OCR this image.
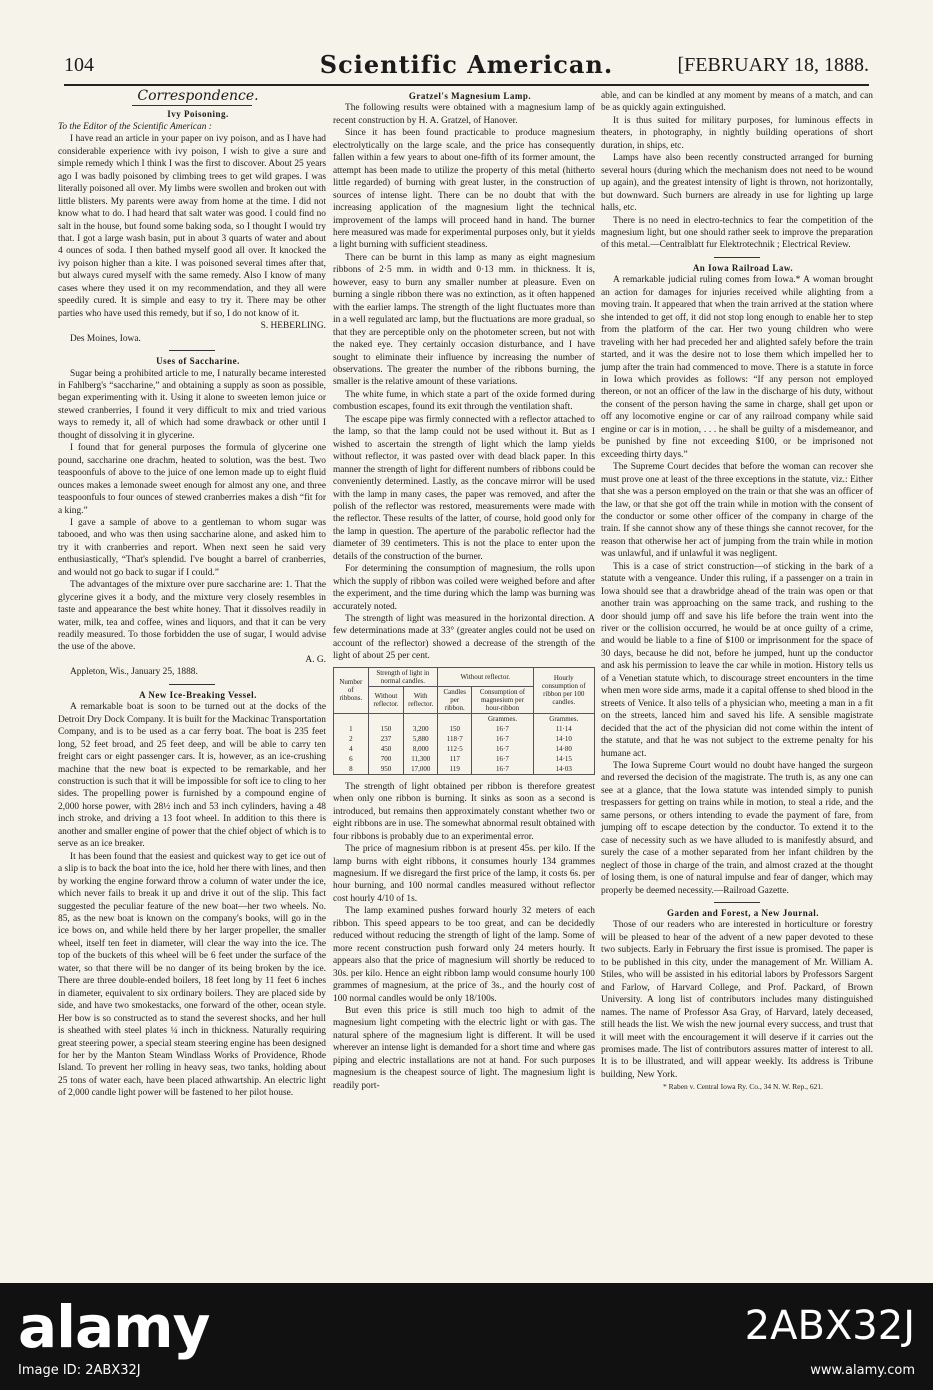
104	Scientific American.	[FEBRUARY 18, 1888.

Correspondence.

Ivy Poisoning.

To the Editor of the Scientific American :

I have read an article in your paper on ivy poison, and as I have had considerable experience with ivy poison, I wish to give a sure and simple remedy which I think I was the first to discover. About 25 years ago I was badly poisoned by climbing trees to get wild grapes. I was literally poisoned all over. My limbs were swollen and broken out with little blisters. My parents were away from home at the time. I did not know what to do. I had heard that salt water was good. I could find no salt in the house, but found some baking soda, so I thought I would try that. I got a large wash basin, put in about 3 quarts of water and about 4 ounces of soda. I then bathed myself good all over. It knocked the ivy poison higher than a kite. I was poisoned several times after that, but always cured myself with the same remedy. Also I know of many cases where they used it on my recommendation, and they all were speedily cured. It is simple and easy to try it. There may be other parties who have used this remedy, but if so, I do not know of it.

S. HEBERLING.

Des Moines, Iowa.

Uses of Saccharine.

Sugar being a prohibited article to me, I naturally became interested in Fahlberg's “saccharine,” and obtaining a supply as soon as possible, began experimenting with it. Using it alone to sweeten lemon juice or stewed cranberries, I found it very difficult to mix and tried various ways to remedy it, all of which had some drawback or other until I thought of dissolving it in glycerine.

I found that for general purposes the formula of glycerine one pound, saccharine one drachm, heated to solution, was the best. Two teaspoonfuls of above to the juice of one lemon made up to eight fluid ounces makes a lemonade sweet enough for almost any one, and three teaspoonfuls to four ounces of stewed cranberries makes a dish “fit for a king.”

I gave a sample of above to a gentleman to whom sugar was tabooed, and who was then using saccharine alone, and asked him to try it with cranberries and report. When next seen he said very enthusiastically, “That's splendid. I've bought a barrel of cranberries, and would not go back to sugar if I could.”

The advantages of the mixture over pure saccharine are: 1. That the glycerine gives it a body, and the mixture very closely resembles in taste and appearance the best white honey. That it dissolves readily in water, milk, tea and coffee, wines and liquors, and that it can be very readily measured. To those forbidden the use of sugar, I would advise the use of the above.

A. G.

Appleton, Wis., January 25, 1888.

A New Ice-Breaking Vessel.

A remarkable boat is soon to be turned out at the docks of the Detroit Dry Dock Company. It is built for the Mackinac Transportation Company, and is to be used as a car ferry boat. The boat is 235 feet long, 52 feet broad, and 25 feet deep, and will be able to carry ten freight cars or eight passenger cars. It is, however, as an ice-crushing machine that the new boat is expected to be remarkable, and her construction is such that it will be impossible for soft ice to cling to her sides. The propelling power is furnished by a compound engine of 2,000 horse power, with 28½ inch and 53 inch cylinders, having a 48 inch stroke, and driving a 13 foot wheel. In addition to this there is another and smaller engine of power that the chief object of which is to serve as an ice breaker.

It has been found that the easiest and quickest way to get ice out of a slip is to back the boat into the ice, hold her there with lines, and then by working the engine forward throw a column of water under the ice, which never fails to break it up and drive it out of the slip. This fact suggested the peculiar feature of the new boat—her two wheels. No. 85, as the new boat is known on the company's books, will go in the ice bows on, and while held there by her larger propeller, the smaller wheel, itself ten feet in diameter, will clear the way into the ice. The top of the buckets of this wheel will be 6 feet under the surface of the water, so that there will be no danger of its being broken by the ice. There are three double-ended boilers, 18 feet long by 11 feet 6 inches in diameter, equivalent to six ordinary boilers. They are placed side by side, and have two smokestacks, one forward of the other, ocean style. Her bow is so constructed as to stand the severest shocks, and her hull is sheathed with steel plates ¼ inch in thickness. Naturally requiring great steering power, a special steam steering engine has been designed for her by the Manton Steam Windlass Works of Providence, Rhode Island. To prevent her rolling in heavy seas, two tanks, holding about 25 tons of water each, have been placed athwartship. An electric light of 2,000 candle light power will be fastened to her pilot house.

Gratzel's Magnesium Lamp.

The following results were obtained with a magnesium lamp of recent construction by H. A. Gratzel, of Hanover.

Since it has been found practicable to produce magnesium electrolytically on the large scale, and the price has consequently fallen within a few years to about one-fifth of its former amount, the attempt has been made to utilize the property of this metal (hitherto little regarded) of burning with great luster, in the construction of sources of intense light. There can be no doubt that with the increasing application of the magnesium light the technical improvement of the lamps will proceed hand in hand. The burner here measured was made for experimental purposes only, but it yields a light burning with sufficient steadiness.

There can be burnt in this lamp as many as eight magnesium ribbons of 2·5 mm. in width and 0·13 mm. in thickness. It is, however, easy to burn any smaller number at pleasure. Even on burning a single ribbon there was no extinction, as it often happened with the earlier lamps. The strength of the light fluctuates more than in a well regulated arc lamp, but the fluctuations are more gradual, so that they are perceptible only on the photometer screen, but not with the naked eye. They certainly occasion disturbance, and I have sought to eliminate their influence by increasing the number of observations. The greater the number of the ribbons burning, the smaller is the relative amount of these variations.

The white fume, in which state a part of the oxide formed during combustion escapes, found its exit through the ventilation shaft.

The escape pipe was firmly connected with a reflector attached to the lamp, so that the lamp could not be used without it. But as I wished to ascertain the strength of light which the lamp yields without reflector, it was pasted over with dead black paper. In this manner the strength of light for different numbers of ribbons could be conveniently determined. Lastly, as the concave mirror will be used with the lamp in many cases, the paper was removed, and after the polish of the reflector was restored, measurements were made with the reflector. These results of the latter, of course, hold good only for the lamp in question. The aperture of the parabolic reflector had the diameter of 39 centimeters. This is not the place to enter upon the details of the construction of the burner.

For determining the consumption of magnesium, the rolls upon which the supply of ribbon was coiled were weighed before and after the experiment, and the time during which the lamp was burning was accurately noted.

The strength of light was measured in the horizontal direction. A few determinations made at 33° (greater angles could not be used on account of the reflector) showed a decrease of the strength of the light of about 25 per cent.

Number of ribbons.	Strength of light in normal candles.		Without reflector.		Hourly consumption of ribbon per 100 candles.
	Without reflector.	With reflector.	Candles per ribbon.	Consumption of magnesium per hour-ribbon	
				Grammes.	Grammes.
1	150	3,200	150	16·7	11·14
2	237	5,880	118·7	16·7	14·10
4	450	8,000	112·5	16·7	14·80
6	700	11,300	117	16·7	14·15
8	950	17,000	119	16·7	14·03

The strength of light obtained per ribbon is therefore greatest when only one ribbon is burning. It sinks as soon as a second is introduced, but remains then approximately constant whether two or eight ribbons are in use. The somewhat abnormal result obtained with four ribbons is probably due to an experimental error.

The price of magnesium ribbon is at present 45s. per kilo. If the lamp burns with eight ribbons, it consumes hourly 134 grammes magnesium. If we disregard the first price of the lamp, it costs 6s. per hour burning, and 100 normal candles measured without reflector cost hourly 4/10 of 1s.

The lamp examined pushes forward hourly 32 meters of each ribbon. This speed appears to be too great, and can be decidedly reduced without reducing the strength of light of the lamp. Some of more recent construction push forward only 24 meters hourly. It appears also that the price of magnesium will shortly be reduced to 30s. per kilo. Hence an eight ribbon lamp would consume hourly 100 grammes of magnesium, at the price of 3s., and the hourly cost of 100 normal candles would be only 18/100s.

But even this price is still much too high to admit of the magnesium light competing with the electric light or with gas. The natural sphere of the magnesium light is different. It will be used wherever an intense light is demanded for a short time and where gas piping and electric installations are not at hand. For such purposes magnesium is the cheapest source of light. The magnesium light is readily port-

able, and can be kindled at any moment by means of a match, and can be as quickly again extinguished.

It is thus suited for military purposes, for luminous effects in theaters, in photography, in nightly building operations of short duration, in ships, etc.

Lamps have also been recently constructed arranged for burning several hours (during which the mechanism does not need to be wound up again), and the greatest intensity of light is thrown, not horizontally, but downward. Such burners are already in use for lighting up large halls, etc.

There is no need in electro-technics to fear the competition of the magnesium light, but one should rather seek to improve the preparation of this metal.—Centralblatt fur Elektrotechnik ; Electrical Review.

An Iowa Railroad Law.

A remarkable judicial ruling comes from Iowa.* A woman brought an action for damages for injuries received while alighting from a moving train. It appeared that when the train arrived at the station where she intended to get off, it did not stop long enough to enable her to step from the platform of the car. Her two young children who were traveling with her had preceded her and alighted safely before the train started, and it was the desire not to lose them which impelled her to jump after the train had commenced to move. There is a statute in force in Iowa which provides as follows: “If any person not employed thereon, or not an officer of the law in the discharge of his duty, without the consent of the person having the same in charge, shall get upon or off any locomotive engine or car of any railroad company while said engine or car is in motion, . . . he shall be guilty of a misdemeanor, and be punished by fine not exceeding $100, or be imprisoned not exceeding thirty days.”

The Supreme Court decides that before the woman can recover she must prove one at least of the three exceptions in the statute, viz.: Either that she was a person employed on the train or that she was an officer of the law, or that she got off the train while in motion with the consent of the conductor or some other officer of the company in charge of the train. If she cannot show any of these things she cannot recover, for the reason that otherwise her act of jumping from the train while in motion was unlawful, and if unlawful it was negligent.

This is a case of strict construction—of sticking in the bark of a statute with a vengeance. Under this ruling, if a passenger on a train in Iowa should see that a drawbridge ahead of the train was open or that another train was approaching on the same track, and rushing to the door should jump off and save his life before the train went into the river or the collision occurred, he would be at once guilty of a crime, and would be liable to a fine of $100 or imprisonment for the space of 30 days, because he did not, before he jumped, hunt up the conductor and ask his permission to leave the car while in motion. History tells us of a Venetian statute which, to discourage street encounters in the time when men wore side arms, made it a capital offense to shed blood in the streets of Venice. It also tells of a physician who, meeting a man in a fit on the streets, lanced him and saved his life. A sensible magistrate decided that the act of the physician did not come within the intent of the statute, and that he was not subject to the extreme penalty for his humane act.

The Iowa Supreme Court would no doubt have hanged the surgeon and reversed the decision of the magistrate. The truth is, as any one can see at a glance, that the Iowa statute was intended simply to punish trespassers for getting on trains while in motion, to steal a ride, and the same persons, or others intending to evade the payment of fare, from jumping off to escape detection by the conductor. To extend it to the case of necessity such as we have alluded to is manifestly absurd, and surely the case of a mother separated from her infant children by the neglect of those in charge of the train, and almost crazed at the thought of losing them, is one of natural impulse and fear of danger, which may properly be deemed necessity.—Railroad Gazette.

Garden and Forest, a New Journal.

Those of our readers who are interested in horticulture or forestry will be pleased to hear of the advent of a new paper devoted to these two subjects. Early in February the first issue is promised. The paper is to be published in this city, under the management of Mr. William A. Stiles, who will be assisted in his editorial labors by Professors Sargent and Farlow, of Harvard College, and Prof. Packard, of Brown University. A long list of contributors includes many distinguished names. The name of Professor Asa Gray, of Harvard, lately deceased, still heads the list. We wish the new journal every success, and trust that it will meet with the encouragement it will deserve if it carries out the promises made. The list of contributors assures matter of interest to all. It is to be illustrated, and will appear weekly. Its address is Tribune building, New York.

* Raben v. Central Iowa Ry. Co., 34 N. W. Rep., 621.

alamy
Image ID: 2ABX32J
2ABX32J
www.alamy.com
